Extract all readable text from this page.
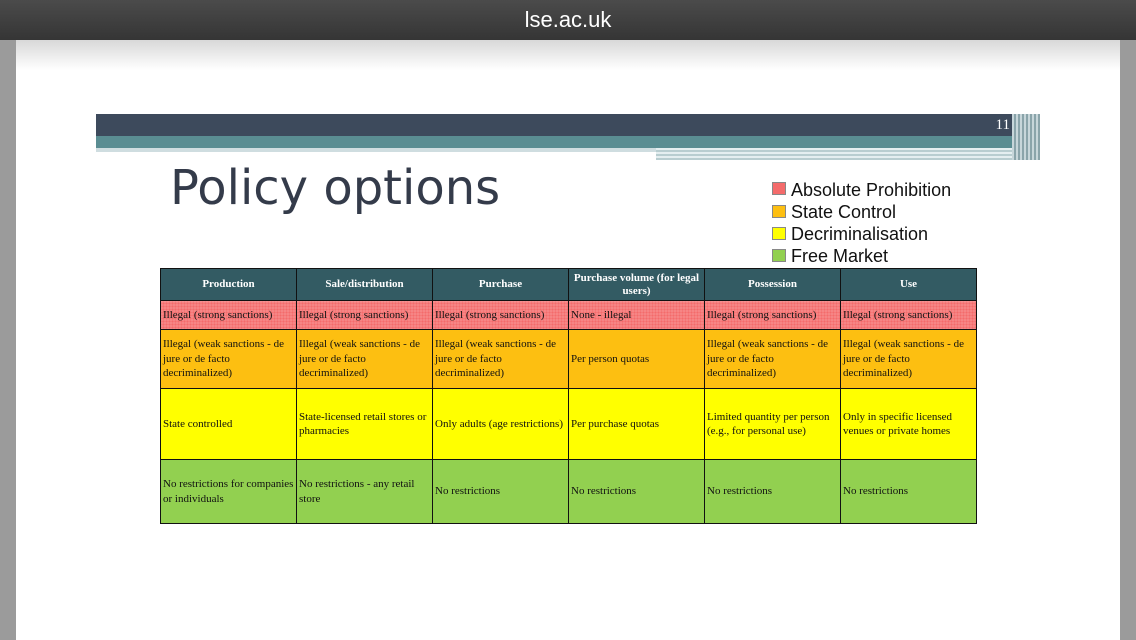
lse.ac.uk
11
Policy options	Absolute Prohibition
State Control
Decriminalisation
Free Market
Production	Sale/distribution	Purchase	Purchase volume (for legal users)	Possession	Use
Illegal (strong sanctions)	Illegal (strong sanctions)	Illegal (strong sanctions)	None - illegal	Illegal (strong sanctions)	Illegal (strong sanctions)
Illegal (weak sanctions - de jure or de facto decriminalized)	Illegal (weak sanctions - de jure or de facto decriminalized)	Illegal (weak sanctions - de jure or de facto decriminalized)	Per person quotas	Illegal (weak sanctions - de jure or de facto decriminalized)	Illegal (weak sanctions - de jure or de facto decriminalized)
State controlled	State-licensed retail stores or pharmacies	Only adults (age restrictions)	Per purchase quotas	Limited quantity per person (e.g., for personal use)	Only in specific licensed venues or private homes
No restrictions for companies or individuals	No restrictions - any retail store	No restrictions	No restrictions	No restrictions	No restrictions
